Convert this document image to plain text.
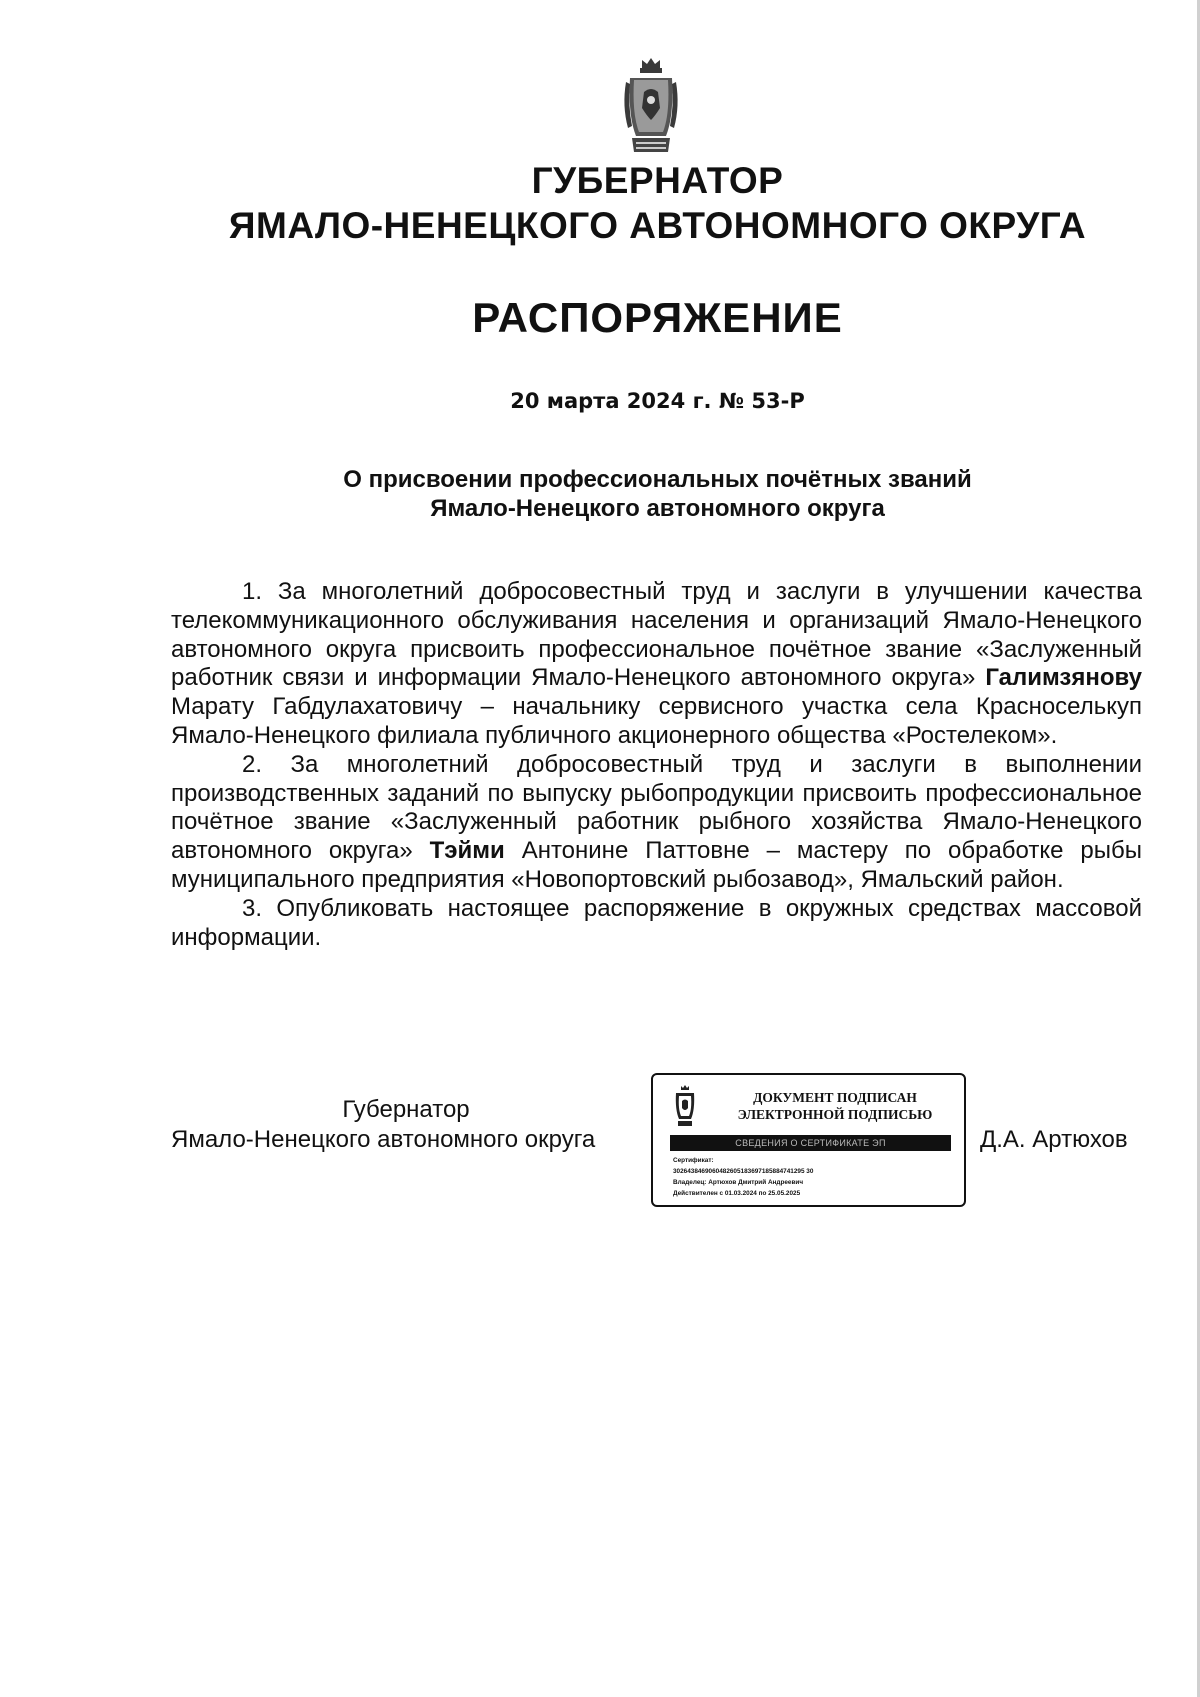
ГУБЕРНАТОР
ЯМАЛО-НЕНЕЦКОГО АВТОНОМНОГО ОКРУГА
РАСПОРЯЖЕНИЕ
20 марта 2024 г. № 53-Р
О присвоении профессиональных почётных званий
Ямало-Ненецкого автономного округа

1. За многолетний добросовестный труд и заслуги в улучшении качества телекоммуникационного обслуживания населения и организаций Ямало-Ненецкого автономного округа присвоить профессиональное почётное звание «Заслуженный работник связи и информации Ямало-Ненецкого автономного округа» Галимзянову Марату Габдулахатовичу – начальнику сервисного участка села Красноселькуп Ямало-Ненецкого филиала публичного акционерного общества «Ростелеком».

2. За многолетний добросовестный труд и заслуги в выполнении производственных заданий по выпуску рыбопродукции присвоить профессиональное почётное звание «Заслуженный работник рыбного хозяйства Ямало-Ненецкого автономного округа» Тэйми Антонине Паттовне – мастеру по обработке рыбы муниципального предприятия «Новопортовский рыбозавод», Ямальский район.

3. Опубликовать настоящее распоряжение в окружных средствах массовой информации.

Губернатор
Ямало-Ненецкого автономного округа
ДОКУМЕНТ ПОДПИСАН
ЭЛЕКТРОННОЙ ПОДПИСЬЮ
СВЕДЕНИЯ О СЕРТИФИКАТЕ ЭП
Сертификат:
3026438469060482605183697185884741295 30
Владелец: Артюхов Дмитрий Андреевич
Действителен с 01.03.2024 по 25.05.2025
Д.А. Артюхов
